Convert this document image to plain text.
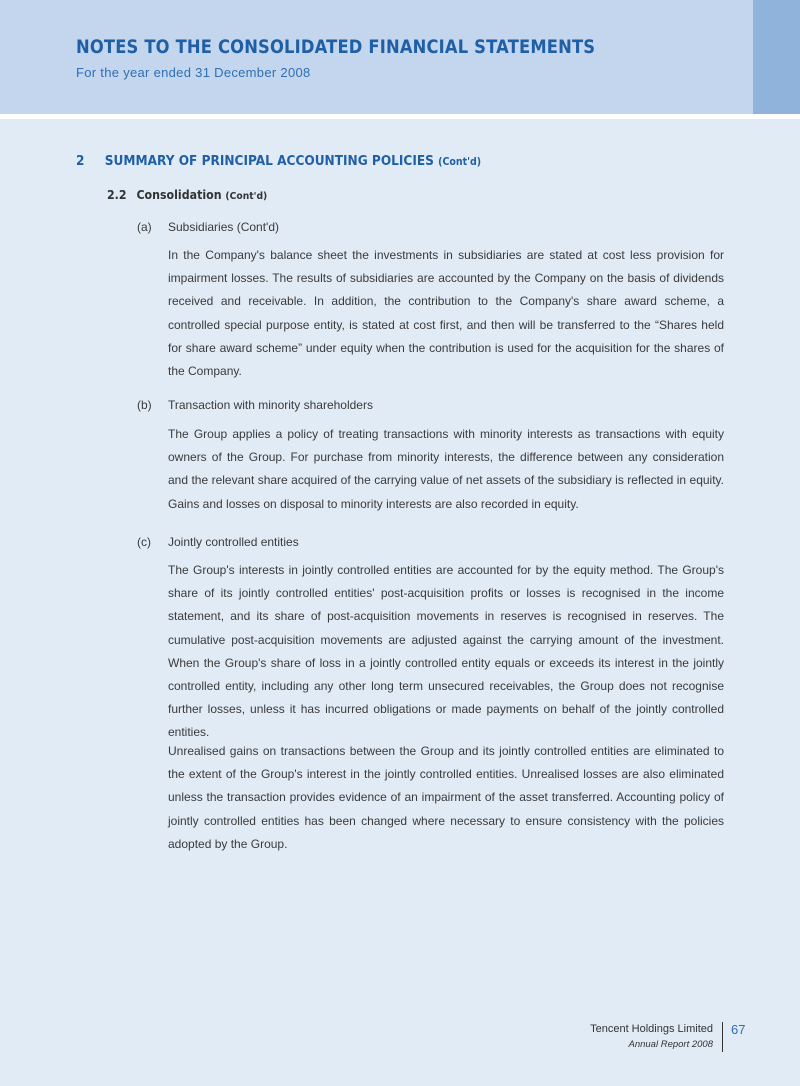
NOTES TO THE CONSOLIDATED FINANCIAL STATEMENTS
For the year ended 31 December 2008
2 SUMMARY OF PRINCIPAL ACCOUNTING POLICIES (Cont'd)
2.2 Consolidation (Cont'd)
(a) Subsidiaries (Cont'd)

In the Company's balance sheet the investments in subsidiaries are stated at cost less provision for impairment losses. The results of subsidiaries are accounted by the Company on the basis of dividends received and receivable. In addition, the contribution to the Company's share award scheme, a controlled special purpose entity, is stated at cost first, and then will be transferred to the “Shares held for share award scheme” under equity when the contribution is used for the acquisition for the shares of the Company.

(b) Transaction with minority shareholders

The Group applies a policy of treating transactions with minority interests as transactions with equity owners of the Group. For purchase from minority interests, the difference between any consideration and the relevant share acquired of the carrying value of net assets of the subsidiary is reflected in equity. Gains and losses on disposal to minority interests are also recorded in equity.

(c) Jointly controlled entities

The Group's interests in jointly controlled entities are accounted for by the equity method. The Group's share of its jointly controlled entities' post-acquisition profits or losses is recognised in the income statement, and its share of post-acquisition movements in reserves is recognised in reserves. The cumulative post-acquisition movements are adjusted against the carrying amount of the investment. When the Group's share of loss in a jointly controlled entity equals or exceeds its interest in the jointly controlled entity, including any other long term unsecured receivables, the Group does not recognise further losses, unless it has incurred obligations or made payments on behalf of the jointly controlled entities.

Unrealised gains on transactions between the Group and its jointly controlled entities are eliminated to the extent of the Group's interest in the jointly controlled entities. Unrealised losses are also eliminated unless the transaction provides evidence of an impairment of the asset transferred. Accounting policy of jointly controlled entities has been changed where necessary to ensure consistency with the policies adopted by the Group.

Tencent Holdings Limited
Annual Report 2008
67
